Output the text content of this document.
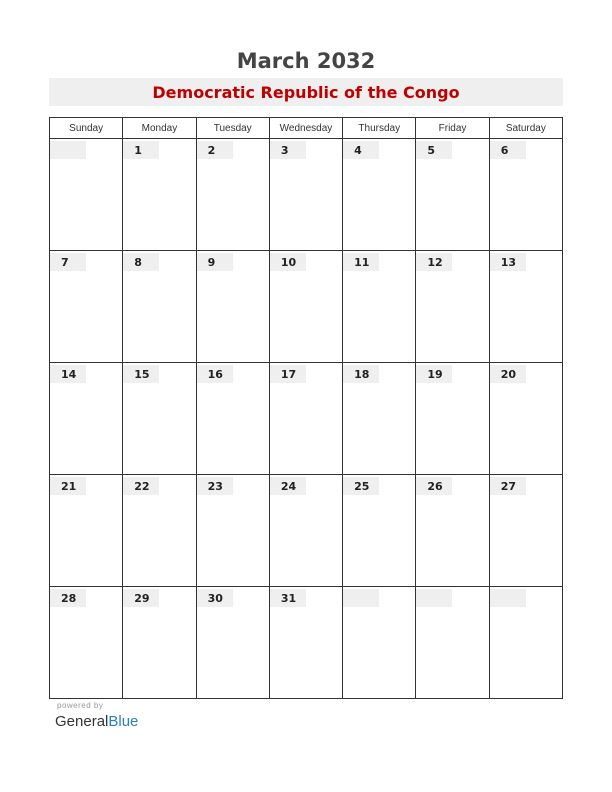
March 2032
Democratic Republic of the Congo
Sunday	Monday	Tuesday	Wednesday	Thursday	Friday	Saturday

	1	2	3	4	5	6

7	8	9	10	11	12	13

14	15	16	17	18	19	20

21	22	23	24	25	26	27

28	29	30	31			

powered by
GeneralBlue
